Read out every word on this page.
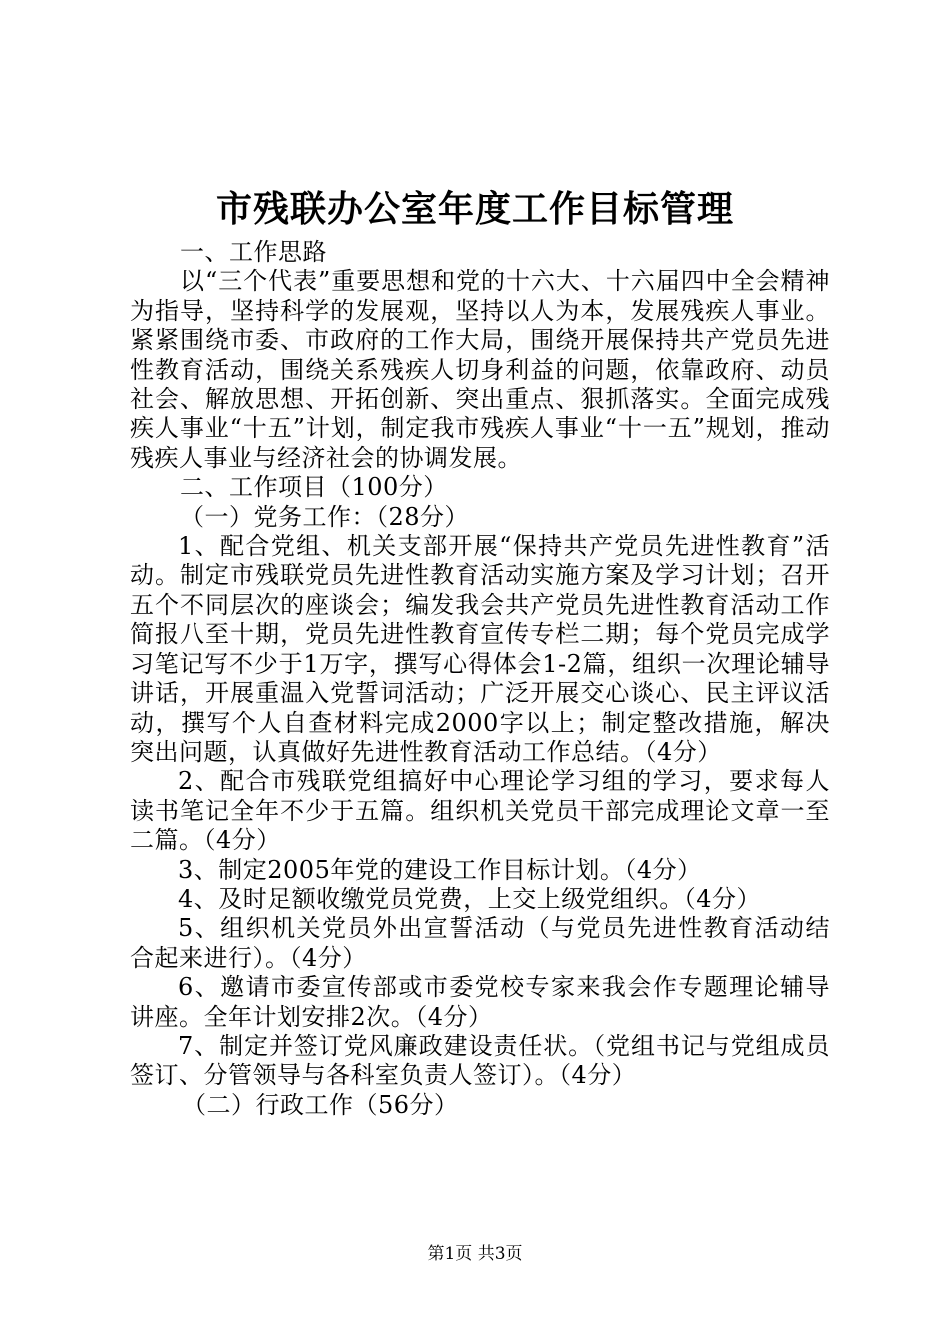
市残联办公室年度工作目标管理

一、工作思路

以“三个代表”重要思想和党的十六大、十六届四中全会精神为指导，坚持科学的发展观，坚持以人为本，发展残疾人事业。紧紧围绕市委、市政府的工作大局，围绕开展保持共产党员先进性教育活动，围绕关系残疾人切身利益的问题，依靠政府、动员社会、解放思想、开拓创新、突出重点、狠抓落实。全面完成残疾人事业“十五”计划，制定我市残疾人事业“十一五”规划，推动残疾人事业与经济社会的协调发展。

二、工作项目（100分）

（一）党务工作：（28分）

1、配合党组、机关支部开展“保持共产党员先进性教育”活动。制定市残联党员先进性教育活动实施方案及学习计划；召开五个不同层次的座谈会；编发我会共产党员先进性教育活动工作简报八至十期，党员先进性教育宣传专栏二期；每个党员完成学习笔记写不少于1万字，撰写心得体会1-2篇，组织一次理论辅导讲话，开展重温入党誓词活动；广泛开展交心谈心、民主评议活动，撰写个人自查材料完成2000字以上；制定整改措施，解决突出问题，认真做好先进性教育活动工作总结。（4分）

2、配合市残联党组搞好中心理论学习组的学习，要求每人读书笔记全年不少于五篇。组织机关党员干部完成理论文章一至二篇。（4分）

3、制定2005年党的建设工作目标计划。（4分）

4、及时足额收缴党员党费，上交上级党组织。（4分）

5、组织机关党员外出宣誓活动（与党员先进性教育活动结合起来进行）。（4分）

6、邀请市委宣传部或市委党校专家来我会作专题理论辅导讲座。全年计划安排2次。（4分）

7、制定并签订党风廉政建设责任状。（党组书记与党组成员签订、分管领导与各科室负责人签订）。（4分）

（二）行政工作（56分）

第1页 共3页
